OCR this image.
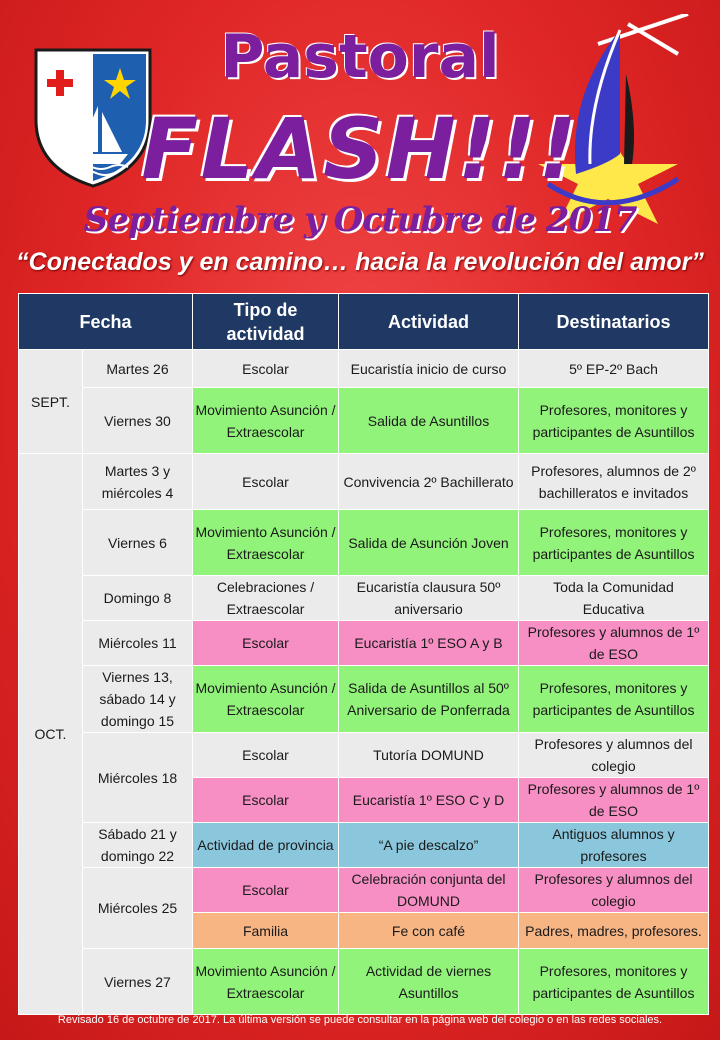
Pastoral
FLASH!!!
Septiembre y Octubre de 2017
“Conectados y en camino… hacia la revolución del amor”
Fecha		Tipo de actividad	Actividad	Destinatarios
SEPT.	Martes 26	Escolar	Eucaristía inicio de curso	5º EP-2º Bach
	Viernes 30	Movimiento Asunción / Extraescolar	Salida de Asuntillos	Profesores, monitores y participantes de Asuntillos
OCT.	Martes 3 y miércoles 4	Escolar	Convivencia 2º Bachillerato	Profesores, alumnos de 2º bachilleratos e invitados
	Viernes 6	Movimiento Asunción / Extraescolar	Salida de Asunción Joven	Profesores, monitores y participantes de Asuntillos
	Domingo 8	Celebraciones / Extraescolar	Eucaristía clausura 50º aniversario	Toda la Comunidad Educativa
	Miércoles 11	Escolar	Eucaristía 1º ESO A y B	Profesores y alumnos de 1º de ESO
	Viernes 13, sábado 14 y domingo 15	Movimiento Asunción / Extraescolar	Salida de Asuntillos al 50º Aniversario de Ponferrada	Profesores, monitores y participantes de Asuntillos
	Miércoles 18	Escolar	Tutoría DOMUND	Profesores y alumnos del colegio
		Escolar	Eucaristía 1º ESO C y D	Profesores y alumnos de 1º de ESO
	Sábado 21 y domingo 22	Actividad de provincia	“A pie descalzo”	Antiguos alumnos y profesores
	Miércoles 25	Escolar	Celebración conjunta del DOMUND	Profesores y alumnos del colegio
		Familia	Fe con café	Padres, madres, profesores.
	Viernes 27	Movimiento Asunción / Extraescolar	Actividad de viernes Asuntillos	Profesores, monitores y participantes de Asuntillos
Revisado 16 de octubre de 2017. La última versión se puede consultar en la página web del colegio o en las redes sociales.
